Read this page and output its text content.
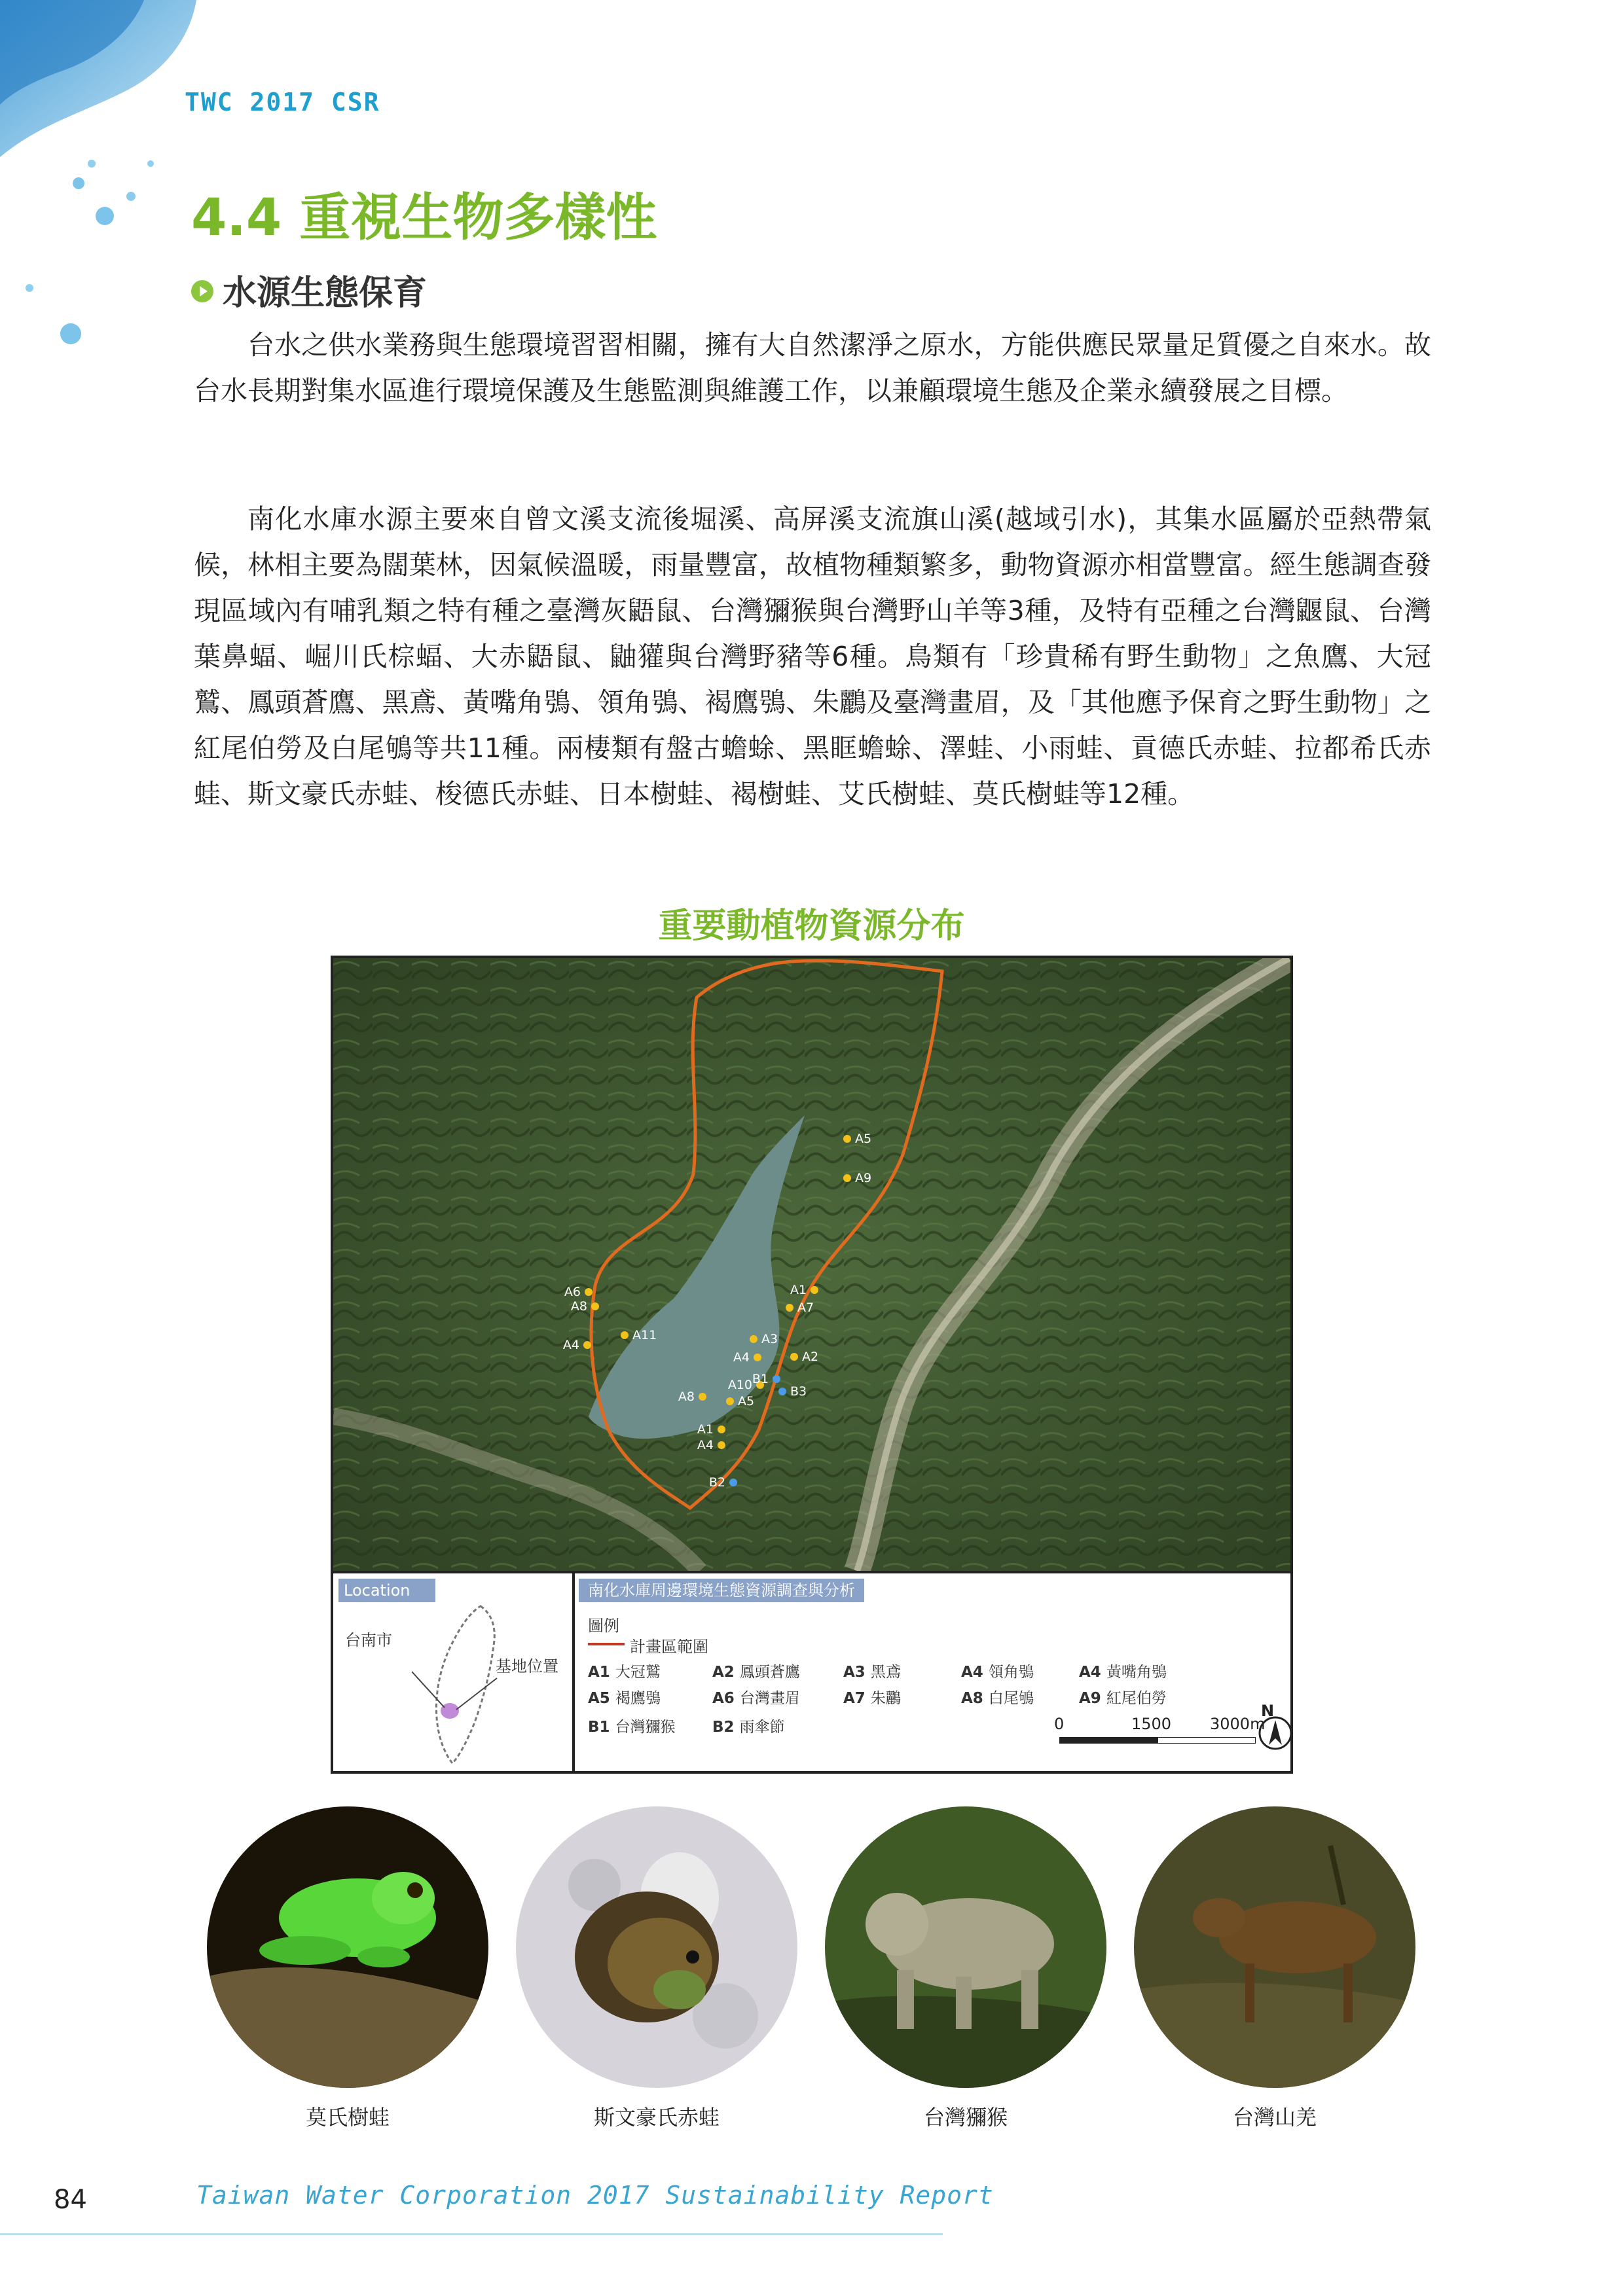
TWC 2017 CSR
4.4 重視生物多樣性
水源生態保育
台水之供水業務與生態環境習習相關，擁有大自然潔淨之原水，方能供應民眾量足質優之自來水。故台水長期對集水區進行環境保護及生態監測與維護工作，以兼顧環境生態及企業永續發展之目標。
南化水庫水源主要來自曾文溪支流後堀溪、高屏溪支流旗山溪(越域引水)，其集水區屬於亞熱帶氣候，林相主要為闊葉林，因氣候溫暖，雨量豐富，故植物種類繁多，動物資源亦相當豐富。經生態調查發現區域內有哺乳類之特有種之臺灣灰鼯鼠、台灣獼猴與台灣野山羊等3種，及特有亞種之台灣鼴鼠、台灣葉鼻蝠、崛川氏棕蝠、大赤鼯鼠、鼬獾與台灣野豬等6種。鳥類有「珍貴稀有野生動物」之魚鷹、大冠鷲、鳳頭蒼鷹、黑鳶、黃嘴角鴞、領角鴞、褐鷹鴞、朱鸝及臺灣畫眉，及「其他應予保育之野生動物」之紅尾伯勞及白尾鴝等共11種。兩棲類有盤古蟾蜍、黑眶蟾蜍、澤蛙、小雨蛙、貢德氏赤蛙、拉都希氏赤蛙、斯文豪氏赤蛙、梭德氏赤蛙、日本樹蛙、褐樹蛙、艾氏樹蛙、莫氏樹蛙等12種。
重要動植物資源分布
A5
A9
A6
A8
A4
A11
A1
A7
A3
A4	A2
A10 B1
B3
A8	A5
A1
A4
B2
Location
台南市
基地位置
南化水庫周邊環境生態資源調查與分析
圖例
計畫區範圍
A1 大冠鷲	A2 鳳頭蒼鷹	A3 黑鳶	A4 領角鴞	A4 黃嘴角鴞
A5 褐鷹鴞	A6 台灣畫眉	A7 朱鸝	A8 白尾鴝	A9 紅尾伯勞
B1 台灣獼猴 B2 雨傘節	0	1500 3000m
N
莫氏樹蛙	斯文豪氏赤蛙	台灣獼猴	台灣山羌
84	Taiwan Water Corporation 2017 Sustainability Report
